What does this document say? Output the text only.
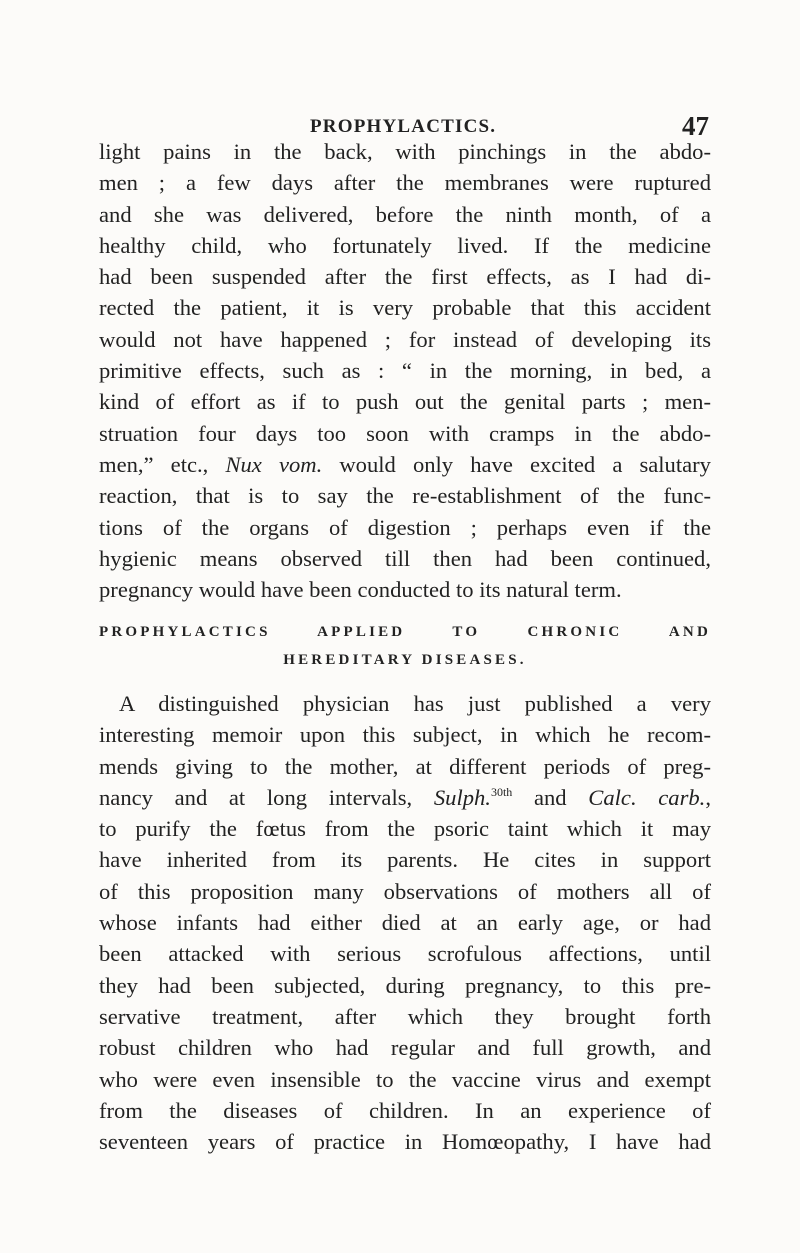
PROPHYLACTICS.	47
light pains in the back, with pinchings in the abdo-
men ; a few days after the membranes were ruptured
and she was delivered, before the ninth month, of a
healthy child, who fortunately lived. If the medicine
had been suspended after the first effects, as I had di-
rected the patient, it is very probable that this accident
would not have happened ; for instead of developing its
primitive effects, such as : “ in the morning, in bed, a
kind of effort as if to push out the genital parts ; men-
struation four days too soon with cramps in the abdo-
men,” etc., Nux vom. would only have excited a salutary
reaction, that is to say the re-establishment of the func-
tions of the organs of digestion ; perhaps even if the
hygienic means observed till then had been continued,
pregnancy would have been conducted to its natural term.
PROPHYLACTICS APPLIED TO CHRONIC AND
HEREDITARY DISEASES.
A distinguished physician has just published a very
interesting memoir upon this subject, in which he recom-
mends giving to the mother, at different periods of preg-
nancy and at long intervals, Sulph.$^{30th}$ and Calc. carb.,
to purify the fœtus from the psoric taint which it may
have inherited from its parents. He cites in support
of this proposition many observations of mothers all of
whose infants had either died at an early age, or had
been attacked with serious scrofulous affections, until
they had been subjected, during pregnancy, to this pre-
servative treatment, after which they brought forth
robust children who had regular and full growth, and
who were even insensible to the vaccine virus and exempt
from the diseases of children. In an experience of
seventeen years of practice in Homœopathy, I have had
